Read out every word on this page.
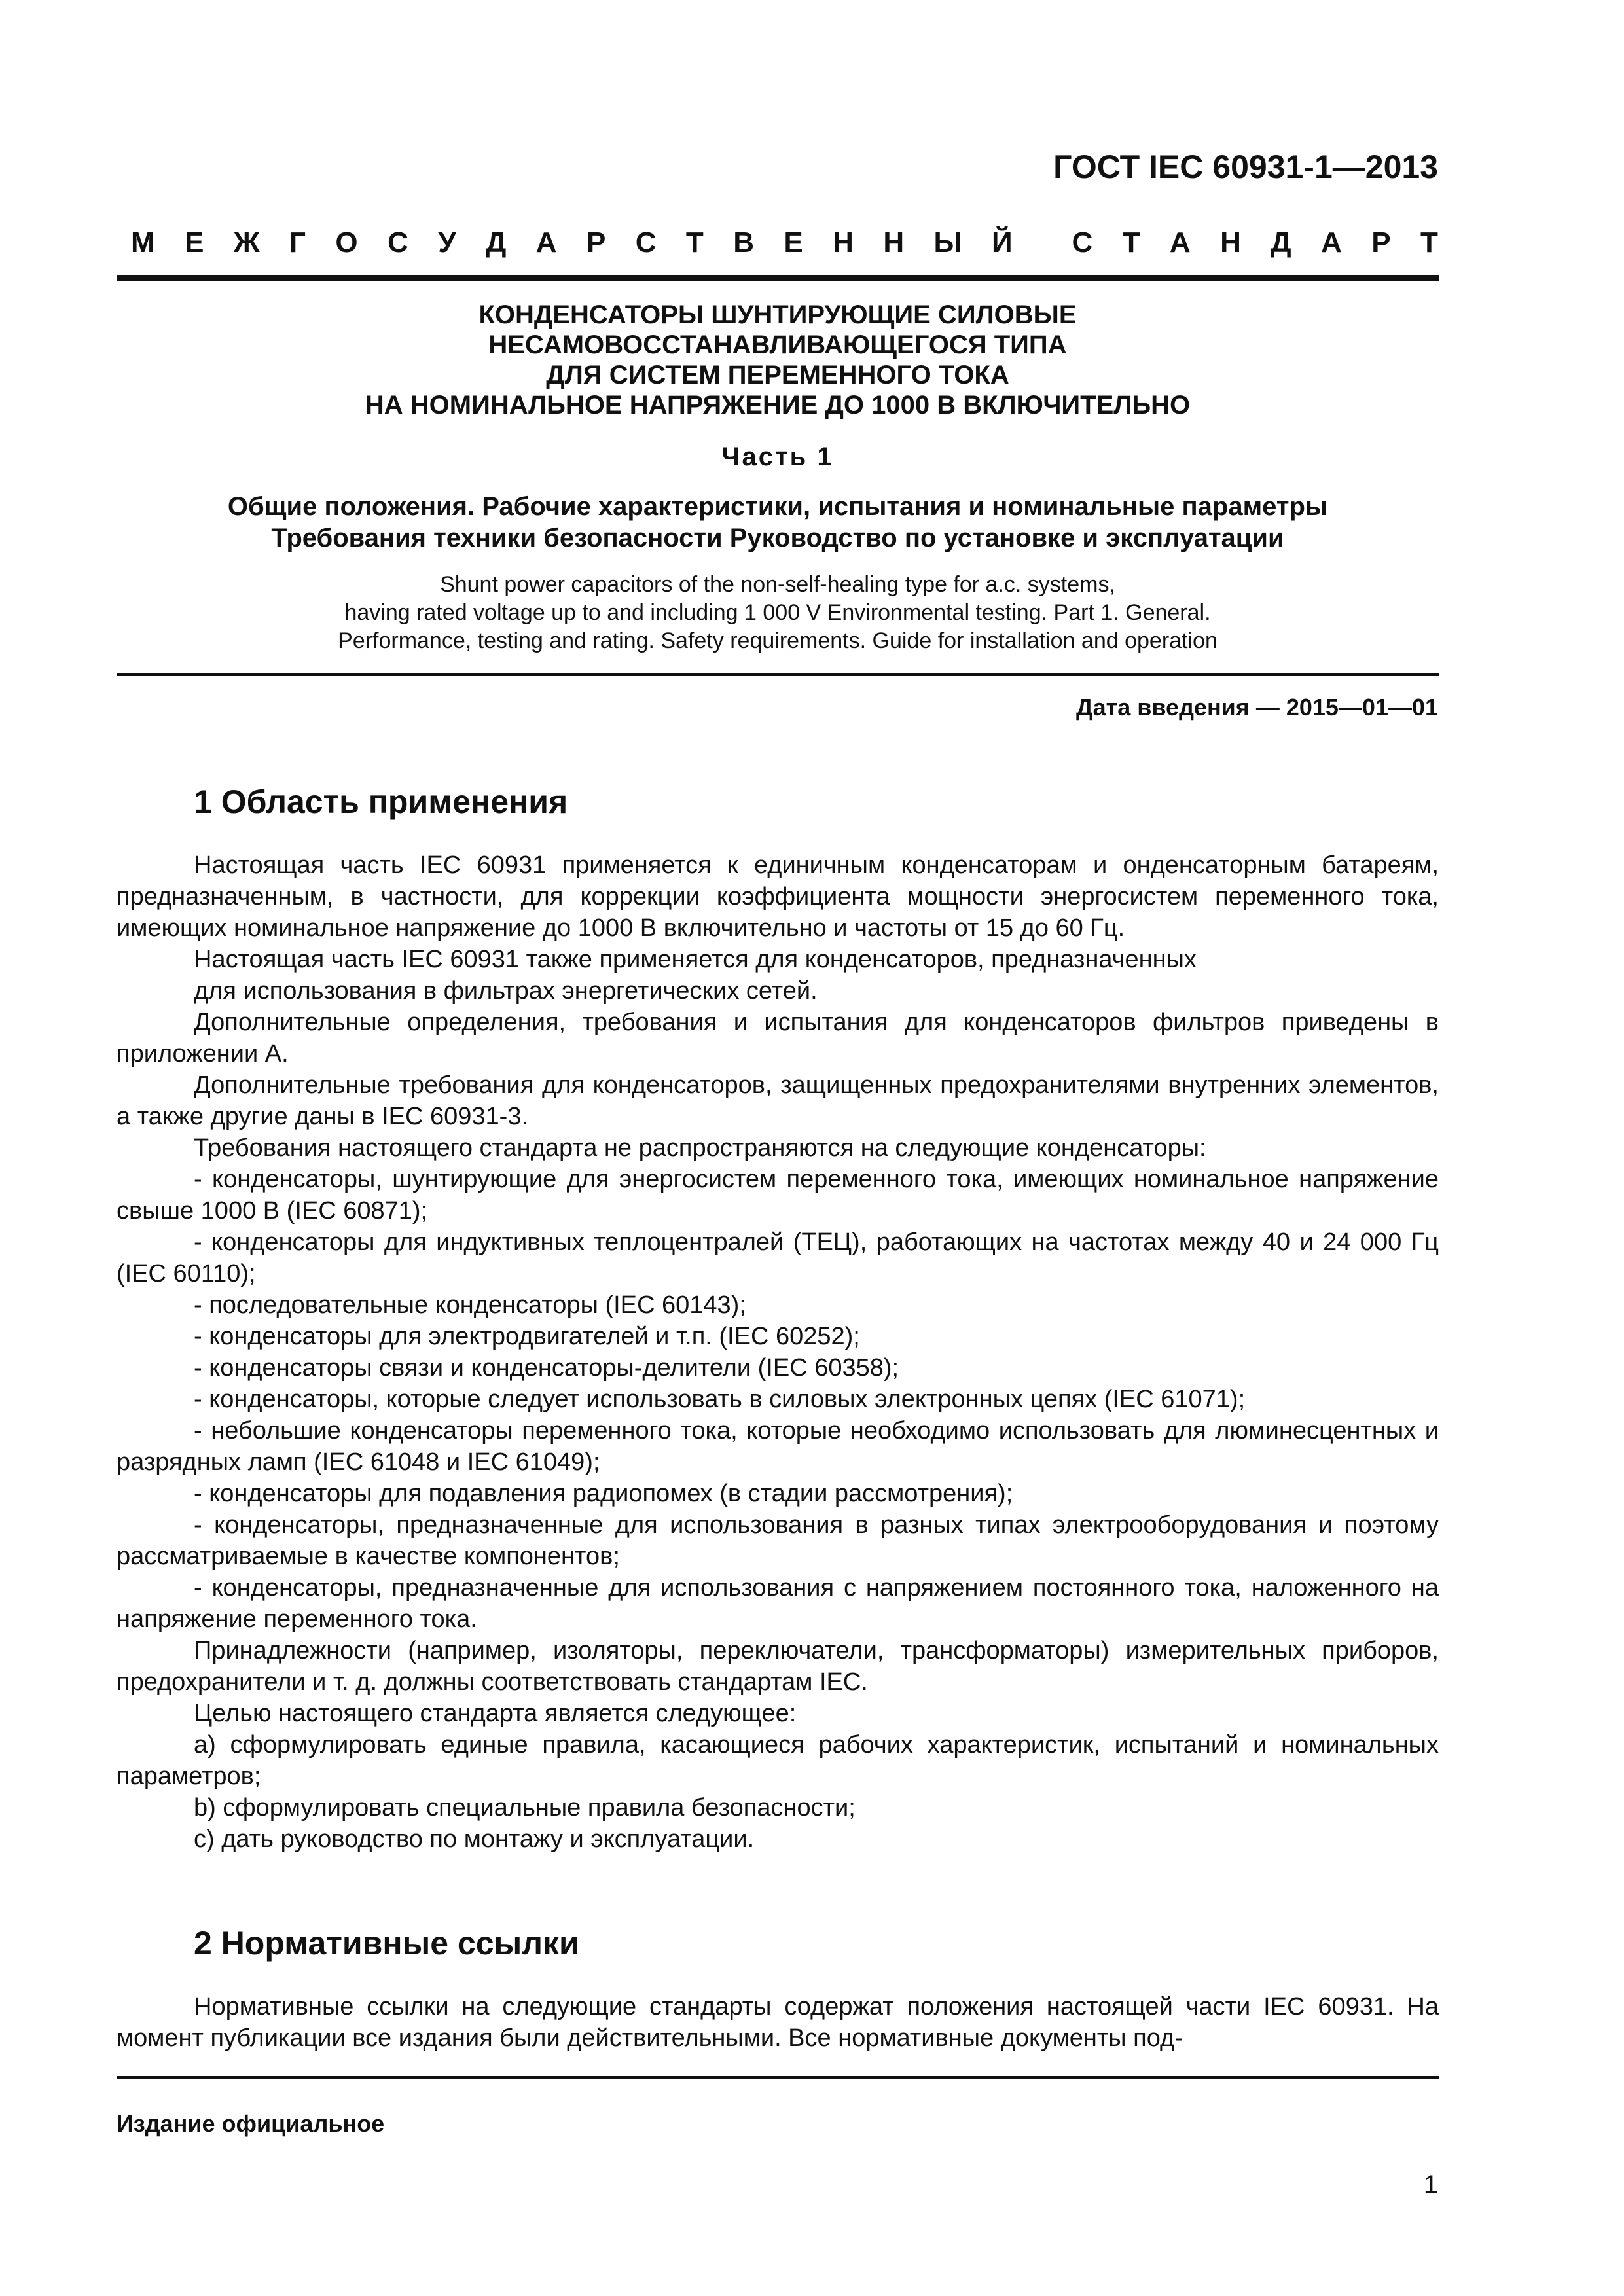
ГОСТ IEC 60931-1—2013
М Е Ж Г О С У Д А Р С Т В Е Н Н Ы Й С Т А Н Д А Р Т
КОНДЕНСАТОРЫ ШУНТИРУЮЩИЕ СИЛОВЫЕ
НЕСАМОВОССТАНАВЛИВАЮЩЕГОСЯ ТИПА
ДЛЯ СИСТЕМ ПЕРЕМЕННОГО ТОКА
НА НОМИНАЛЬНОЕ НАПРЯЖЕНИЕ ДО 1000 В ВКЛЮЧИТЕЛЬНО
Часть 1
Общие положения. Рабочие характеристики, испытания и номинальные параметры
Требования техники безопасности Руководство по установке и эксплуатации
Shunt power capacitors of the non-self-healing type for a.c. systems,
having rated voltage up to and including 1 000 V Environmental testing. Part 1. General.
Performance, testing and rating. Safety requirements. Guide for installation and operation
Дата введения — 2015—01—01
1 Область применения

Настоящая часть IEC 60931 применяется к единичным конденсаторам и онденсаторным батареям, предназначенным, в частности, для коррекции коэффициента мощности энергосистем переменного тока, имеющих номинальное напряжение до 1000 В включительно и частоты от 15 до 60 Гц.

Настоящая часть IEC 60931 также применяется для конденсаторов, предназначенных

для использования в фильтрах энергетических сетей.

Дополнительные определения, требования и испытания для конденсаторов фильтров приведены в приложении А.

Дополнительные требования для конденсаторов, защищенных предохранителями внутренних элементов, а также другие даны в IEC 60931-3.

Требования настоящего стандарта не распространяются на следующие конденсаторы:

- конденсаторы, шунтирующие для энергосистем переменного тока, имеющих номинальное напряжение свыше 1000 В (IEC 60871);

- конденсаторы для индуктивных теплоцентралей (ТЕЦ), работающих на частотах между 40 и 24 000 Гц (IEC 60110);

- последовательные конденсаторы (IEC 60143);

- конденсаторы для электродвигателей и т.п. (IEC 60252);

- конденсаторы связи и конденсаторы-делители (IEC 60358);

- конденсаторы, которые следует использовать в силовых электронных цепях (IEC 61071);

- небольшие конденсаторы переменного тока, которые необходимо использовать для люминесцентных и разрядных ламп (IEC 61048 и IEC 61049);

- конденсаторы для подавления радиопомех (в стадии рассмотрения);

- конденсаторы, предназначенные для использования в разных типах электрооборудования и поэтому рассматриваемые в качестве компонентов;

- конденсаторы, предназначенные для использования с напряжением постоянного тока, наложенного на напряжение переменного тока.

Принадлежности (например, изоляторы, переключатели, трансформаторы) измерительных приборов, предохранители и т. д. должны соответствовать стандартам IEC.

Целью настоящего стандарта является следующее:

a) сформулировать единые правила, касающиеся рабочих характеристик, испытаний и номинальных параметров;

b) сформулировать специальные правила безопасности;

c) дать руководство по монтажу и эксплуатации.

2 Нормативные ссылки

Нормативные ссылки на следующие стандарты содержат положения настоящей части IEC 60931. На момент публикации все издания были действительными. Все нормативные документы под-

Издание официальное
1
